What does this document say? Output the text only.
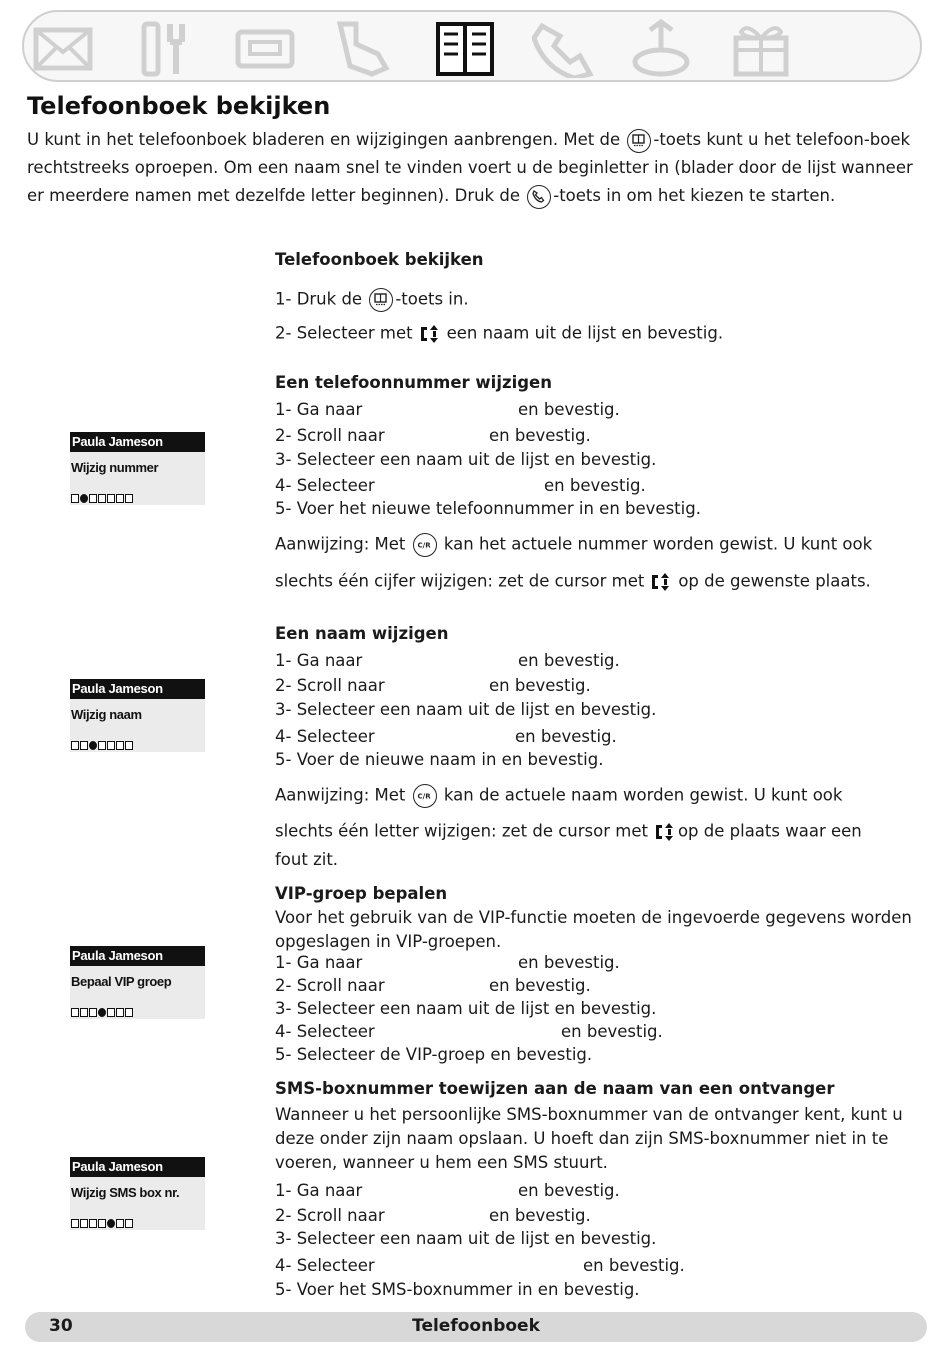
Telefoonboek bekijken

U kunt in het telefoonboek bladeren en wijzigingen aanbrengen. Met de -toets kunt u het telefoon-boek rechtstreeks oproepen. Om een naam snel te vinden voert u de beginletter in (blader door de lijst wanneer er meerdere namen met dezelfde letter beginnen). Druk de -toets in om het kiezen te starten.

Telefoonboek bekijken

1- Druk de -toets in.

2- Selecteer met een naam uit de lijst en bevestig.

Een telefoonnummer wijzigen

1- Ga naar	en bevestig.

2- Scroll naar	en bevestig.

3- Selecteer een naam uit de lijst en bevestig.

4- Selecteer	en bevestig.

5- Voer het nieuwe telefoonnummer in en bevestig.

Aanwijzing: Met C/R kan het actuele nummer worden gewist. U kunt ook

slechts één cijfer wijzigen: zet de cursor met op de gewenste plaats.

Een naam wijzigen

1- Ga naar	en bevestig.

2- Scroll naar	en bevestig.

3- Selecteer een naam uit de lijst en bevestig.

4- Selecteer	en bevestig.

5- Voer de nieuwe naam in en bevestig.

Aanwijzing: Met C/R kan de actuele naam worden gewist. U kunt ook

slechts één letter wijzigen: zet de cursor met op de plaats waar een

fout zit.

VIP-groep bepalen

Voor het gebruik van de VIP-functie moeten de ingevoerde gegevens worden opgeslagen in VIP-groepen.

1- Ga naar	en bevestig.

2- Scroll naar	en bevestig.

3- Selecteer een naam uit de lijst en bevestig.

4- Selecteer	en bevestig.

5- Selecteer de VIP-groep en bevestig.

SMS-boxnummer toewijzen aan de naam van een ontvanger

Wanneer u het persoonlijke SMS-boxnummer van de ontvanger kent, kunt u deze onder zijn naam opslaan. U hoeft dan zijn SMS-boxnummer niet in te voeren, wanneer u hem een SMS stuurt.

1- Ga naar	en bevestig.

2- Scroll naar	en bevestig.

3- Selecteer een naam uit de lijst en bevestig.

4- Selecteer	en bevestig.

5- Voer het SMS-boxnummer in en bevestig.

Paula Jameson
Wijzig nummer
Paula Jameson
Wijzig naam
Paula Jameson
Bepaal VIP groep
Paula Jameson
Wijzig SMS box nr.
30	Telefoonboek
